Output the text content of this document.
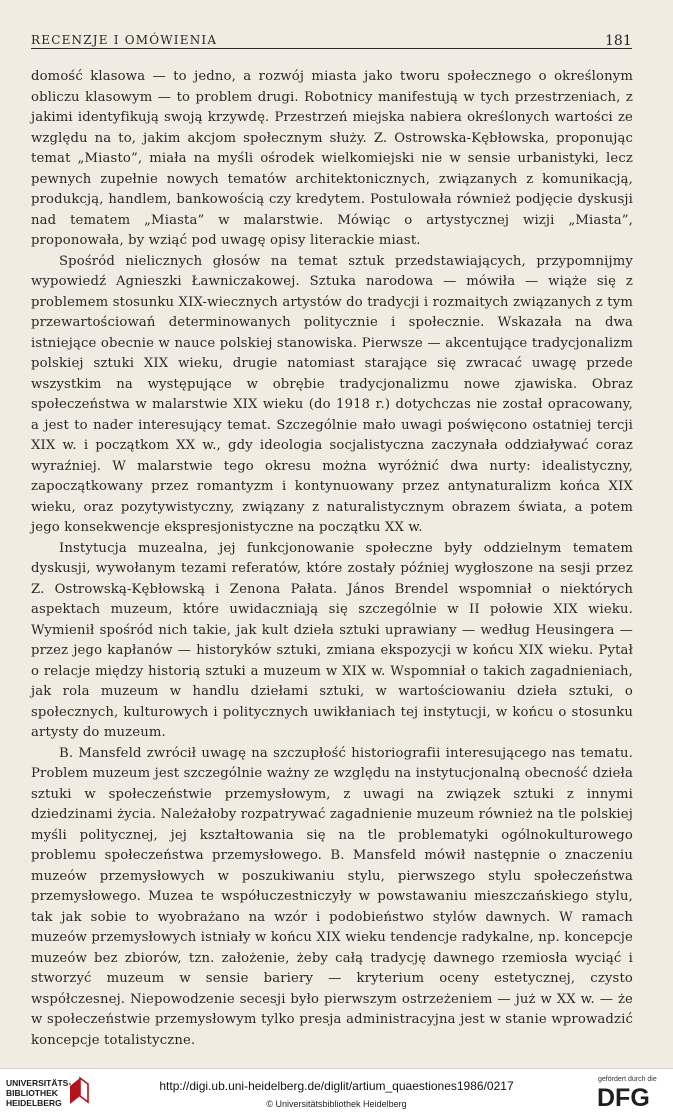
RECENZJE I OMÓWIENIA	181

domość klasowa — to jedno, a rozwój miasta jako tworu społecznego o określonym obliczu klasowym — to problem drugi. Robotnicy manifestują w tych przestrzeniach, z jakimi identyfikują swoją krzywdę. Przestrzeń miejska nabiera określonych wartości ze względu na to, jakim akcjom społecznym służy. Z. Ostrowska-Kębłowska, proponując temat „Miasto”, miała na myśli ośrodek wielkomiejski nie w sensie urbanistyki, lecz pewnych zupełnie nowych tematów architektonicznych, związanych z komunikacją, produkcją, handlem, bankowością czy kredytem. Postulowała również podjęcie dyskusji nad tematem „Miasta” w malarstwie. Mówiąc o artystycznej wizji „Miasta”, proponowała, by wziąć pod uwagę opisy literackie miast.

Spośród nielicznych głosów na temat sztuk przedstawiających, przypomnijmy wypowiedź Agnieszki Ławniczakowej. Sztuka narodowa — mówiła — wiąże się z problemem stosunku XIX-wiecznych artystów do tradycji i rozmaitych związanych z tym przewartościowań determinowanych politycznie i społecznie. Wskazała na dwa istniejące obecnie w nauce polskiej stanowiska. Pierwsze — akcentujące tradycjonalizm polskiej sztuki XIX wieku, drugie natomiast starające się zwracać uwagę przede wszystkim na występujące w obrębie tradycjonalizmu nowe zjawiska. Obraz społeczeństwa w malarstwie XIX wieku (do 1918 r.) dotychczas nie został opracowany, a jest to nader interesujący temat. Szczególnie mało uwagi poświęcono ostatniej tercji XIX w. i początkom XX w., gdy ideologia socjalistyczna zaczynała oddziaływać coraz wyraźniej. W malarstwie tego okresu można wyróżnić dwa nurty: idealistyczny, zapoczątkowany przez romantyzm i kontynuowany przez antynaturalizm końca XIX wieku, oraz pozytywistyczny, związany z naturalistycznym obrazem świata, a potem jego konsekwencje ekspresjonistyczne na początku XX w.

Instytucja muzealna, jej funkcjonowanie społeczne były oddzielnym tematem dyskusji, wywołanym tezami referatów, które zostały później wygłoszone na sesji przez Z. Ostrowską-Kębłowską i Zenona Pałata. János Brendel wspomniał o niektórych aspektach muzeum, które uwidaczniają się szczególnie w II połowie XIX wieku. Wymienił spośród nich takie, jak kult dzieła sztuki uprawiany — według Heusingera — przez jego kapłanów — historyków sztuki, zmiana ekspozycji w końcu XIX wieku. Pytał o relacje między historią sztuki a muzeum w XIX w. Wspomniał o takich zagadnieniach, jak rola muzeum w handlu dziełami sztuki, w wartościowaniu dzieła sztuki, o społecznych, kulturowych i politycznych uwikłaniach tej instytucji, w końcu o stosunku artysty do muzeum.

B. Mansfeld zwrócił uwagę na szczupłość historiografii interesującego nas tematu. Problem muzeum jest szczególnie ważny ze względu na instytucjonalną obecność dzieła sztuki w społeczeństwie przemysłowym, z uwagi na związek sztuki z innymi dziedzinami życia. Należałoby rozpatrywać zagadnienie muzeum również na tle polskiej myśli politycznej, jej kształtowania się na tle problematyki ogólnokulturowego problemu społeczeństwa przemysłowego. B. Mansfeld mówił następnie o znaczeniu muzeów przemysłowych w poszukiwaniu stylu, pierwszego stylu społeczeństwa przemysłowego. Muzea te współuczestniczyły w powstawaniu mieszczańskiego stylu, tak jak sobie to wyobrażano na wzór i podobieństwo stylów dawnych. W ramach muzeów przemysłowych istniały w końcu XIX wieku tendencje radykalne, np. koncepcje muzeów bez zbiorów, tzn. założenie, żeby całą tradycję dawnego rzemiosła wyciąć i stworzyć muzeum w sensie bariery — kryterium oceny estetycznej, czysto współczesnej. Niepowodzenie secesji było pierwszym ostrzeżeniem — już w XX w. — że w społeczeństwie przemysłowym tylko presja administracyjna jest w stanie wprowadzić koncepcje totalistyczne.

UNIVERSITÄTS-
BIBLIOTHEK
HEIDELBERG
http://digi.ub.uni-heidelberg.de/diglit/artium_quaestiones1986/0217
© Universitätsbibliothek Heidelberg
gefördert durch die
DFG
